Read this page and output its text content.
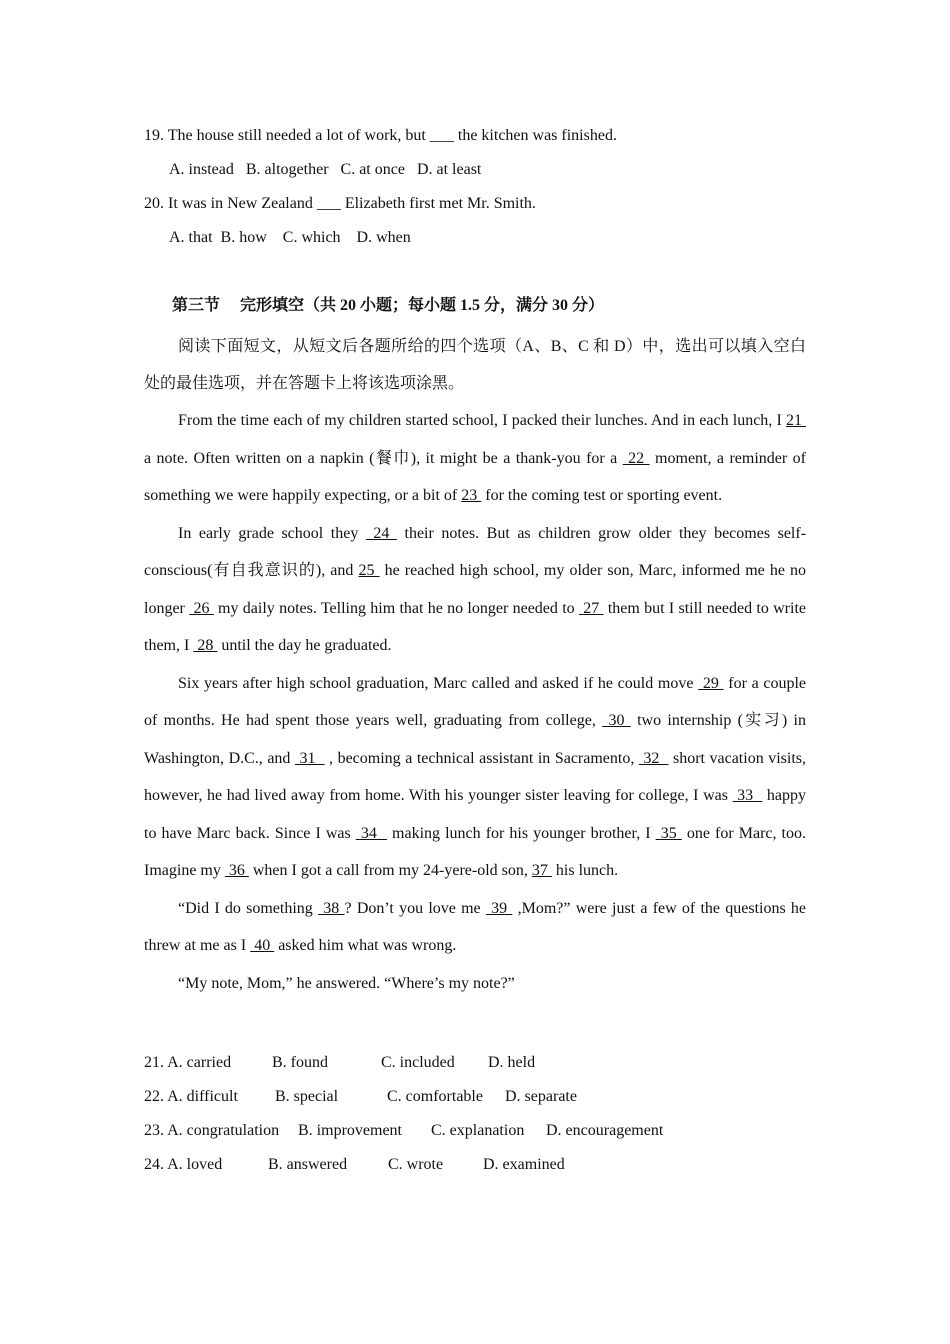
19. The house still needed a lot of work, but ___ the kitchen was finished.
A. instead   B. altogether   C. at once   D. at least
20. It was in New Zealand ___ Elizabeth first met Mr. Smith.
A. that  B. how    C. which    D. when
第三节     完形填空（共 20 小题；每小题 1.5 分，满分 30 分）
阅读下面短文，从短文后各题所给的四个选项（A、B、C 和 D）中，选出可以填入空白处的最佳选项，并在答题卡上将该选项涂黑。

From the time each of my children started school, I packed their lunches. And in each lunch, I 21  a note. Often written on a napkin (餐巾), it might be a thank-you for a  22  moment, a reminder of something we were happily expecting, or a bit of 23  for the coming test or sporting event.

In early grade school they  24  their notes. But as children grow older they becomes self-conscious(有自我意识的), and 25  he reached high school, my older son, Marc, informed me he no longer  26  my daily notes. Telling him that he no longer needed to  27  them but I still needed to write them, I  28  until the day he graduated.

Six years after high school graduation, Marc called and asked if he could move  29  for a couple of months. He had spent those years well, graduating from college,  30  two internship (实习) in Washington, D.C., and  31   , becoming a technical assistant in Sacramento,  32   short vacation visits, however, he had lived away from home. With his younger sister leaving for college, I was  33   happy to have Marc back. Since I was  34   making lunch for his younger brother, I  35  one for Marc, too. Imagine my  36  when I got a call from my 24-yere-old son, 37  his lunch.

“Did I do something  38 ? Don’t you love me  39  ,Mom?” were just a few of the questions he threw at me as I  40  asked him what was wrong.

“My note, Mom,” he answered. “Where’s my note?”

21. A. carried	B. found	C. included D. held
22. A. difficult B. special	C. comfortable D. separate
23. A. congratulation B. improvement C. explanation D. encouragement
24. A. loved	B. answered	C. wrote D. examined
